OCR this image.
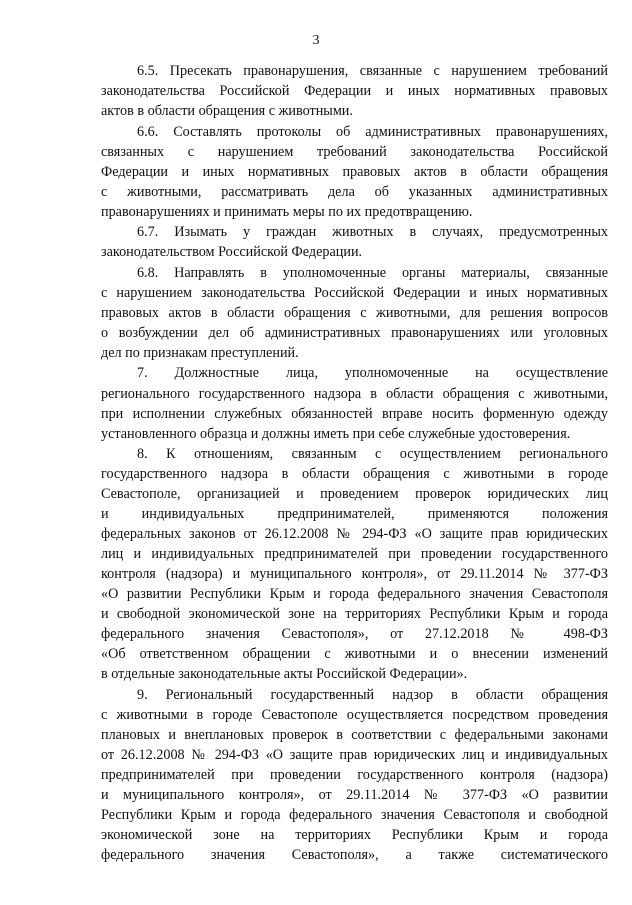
3
6.5. Пресекать правонарушения, связанные с нарушением требований
законодательства Российской Федерации и иных нормативных правовых
актов в области обращения с животными.
6.6. Составлять протоколы об административных правонарушениях,
связанных с нарушением требований законодательства Российской
Федерации и иных нормативных правовых актов в области обращения
с животными, рассматривать дела об указанных административных
правонарушениях и принимать меры по их предотвращению.
6.7. Изымать у граждан животных в случаях, предусмотренных
законодательством Российской Федерации.
6.8. Направлять в уполномоченные органы материалы, связанные
с нарушением законодательства Российской Федерации и иных нормативных
правовых актов в области обращения с животными, для решения вопросов
о возбуждении дел об административных правонарушениях или уголовных
дел по признакам преступлений.
7. Должностные лица, уполномоченные на осуществление
регионального государственного надзора в области обращения с животными,
при исполнении служебных обязанностей вправе носить форменную одежду
установленного образца и должны иметь при себе служебные удостоверения.
8. К отношениям, связанным с осуществлением регионального
государственного надзора в области обращения с животными в городе
Севастополе, организацией и проведением проверок юридических лиц
и индивидуальных предпринимателей, применяются положения
федеральных законов от 26.12.2008 № 294-ФЗ «О защите прав юридических
лиц и индивидуальных предпринимателей при проведении государственного
контроля (надзора) и муниципального контроля», от 29.11.2014 № 377-ФЗ
«О развитии Республики Крым и города федерального значения Севастополя
и свободной экономической зоне на территориях Республики Крым и города
федерального значения Севастополя», от 27.12.2018 № 498-ФЗ
«Об ответственном обращении с животными и о внесении изменений
в отдельные законодательные акты Российской Федерации».
9. Региональный государственный надзор в области обращения
с животными в городе Севастополе осуществляется посредством проведения
плановых и внеплановых проверок в соответствии с федеральными законами
от 26.12.2008 № 294-ФЗ «О защите прав юридических лиц и индивидуальных
предпринимателей при проведении государственного контроля (надзора)
и муниципального контроля», от 29.11.2014 № 377-ФЗ «О развитии
Республики Крым и города федерального значения Севастополя и свободной
экономической зоне на территориях Республики Крым и города
федерального значения Севастополя», а также систематического
